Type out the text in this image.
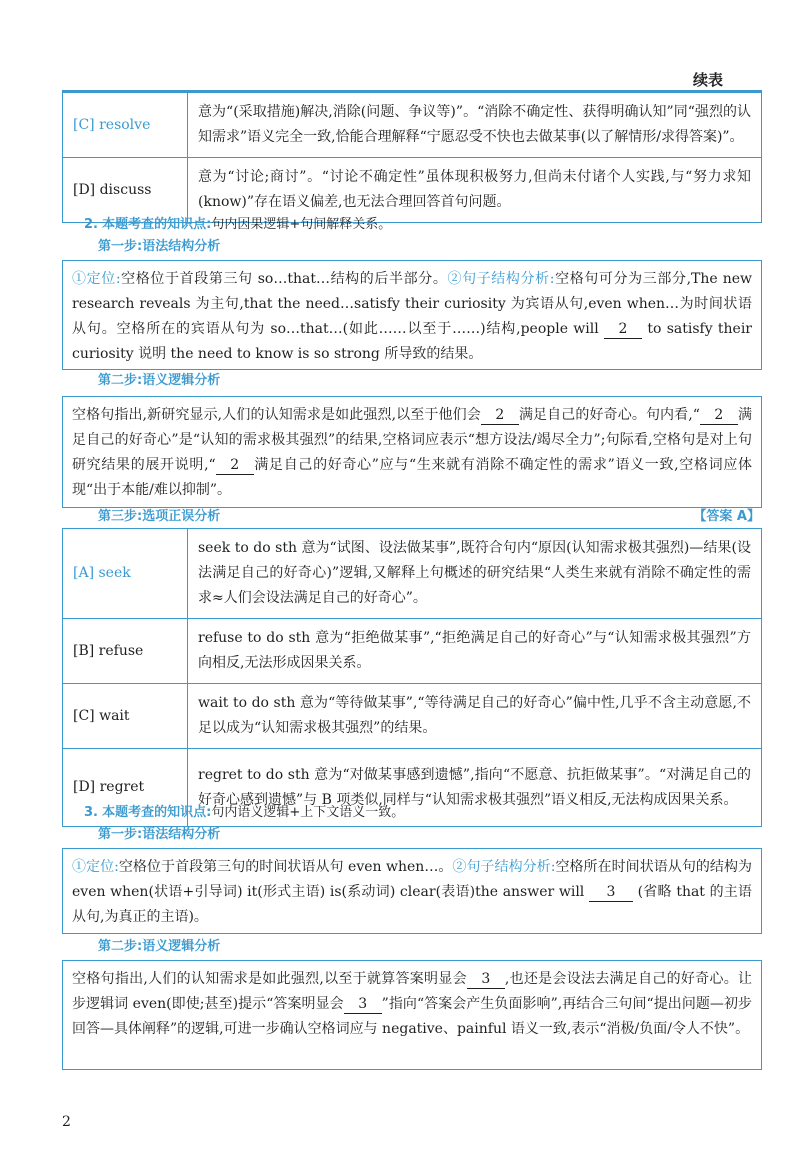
续表
[C] resolve	意为“(采取措施)解决,消除(问题、争议等)”。“消除不确定性、获得明确认知”同“强烈的认知需求”语义完全一致,恰能合理解释“宁愿忍受不快也去做某事(以了解情形/求得答案)”。
[D] discuss	意为“讨论;商讨”。“讨论不确定性”虽体现积极努力,但尚未付诸个人实践,与“努力求知(know)”存在语义偏差,也无法合理回答首句问题。
2. 本题考查的知识点:句内因果逻辑+句间解释关系。
第一步:语法结构分析
①定位:空格位于首段第三句 so…that…结构的后半部分。②句子结构分析:空格句可分为三部分,The new research reveals 为主句,that the need…satisfy their curiosity 为宾语从句,even when…为时间状语从句。空格所在的宾语从句为 so…that…(如此……以至于……)结构,people will 2 to satisfy their curiosity 说明 the need to know is so strong 所导致的结果。
第二步:语义逻辑分析
空格句指出,新研究显示,人们的认知需求是如此强烈,以至于他们会 2 满足自己的好奇心。句内看,“ 2 满足自己的好奇心”是“认知的需求极其强烈”的结果,空格词应表示“想方设法/竭尽全力”;句际看,空格句是对上句研究结果的展开说明,“ 2 满足自己的好奇心”应与“生来就有消除不确定性的需求”语义一致,空格词应体现“出于本能/难以抑制”。
第三步:选项正误分析	【答案 A】
[A] seek	seek to do sth 意为“试图、设法做某事”,既符合句内“原因(认知需求极其强烈)—结果(设法满足自己的好奇心)”逻辑,又解释上句概述的研究结果“人类生来就有消除不确定性的需求≈人们会设法满足自己的好奇心”。
[B] refuse	refuse to do sth 意为“拒绝做某事”,“拒绝满足自己的好奇心”与“认知需求极其强烈”方向相反,无法形成因果关系。
[C] wait	wait to do sth 意为“等待做某事”,“等待满足自己的好奇心”偏中性,几乎不含主动意愿,不足以成为“认知需求极其强烈”的结果。
[D] regret	regret to do sth 意为“对做某事感到遗憾”,指向“不愿意、抗拒做某事”。“对满足自己的好奇心感到遗憾”与 B 项类似,同样与“认知需求极其强烈”语义相反,无法构成因果关系。
3. 本题考查的知识点:句内语义逻辑+上下文语义一致。
第一步:语法结构分析
①定位:空格位于首段第三句的时间状语从句 even when…。②句子结构分析:空格所在时间状语从句的结构为 even when(状语+引导词) it(形式主语) is(系动词) clear(表语)the answer will 3 (省略 that 的主语从句,为真正的主语)。
第二步:语义逻辑分析
空格句指出,人们的认知需求是如此强烈,以至于就算答案明显会 3 ,也还是会设法去满足自己的好奇心。让步逻辑词 even(即使;甚至)提示“答案明显会 3 ”指向“答案会产生负面影响”,再结合三句间“提出问题—初步回答—具体阐释”的逻辑,可进一步确认空格词应与 negative、painful 语义一致,表示“消极/负面/令人不快”。
2
